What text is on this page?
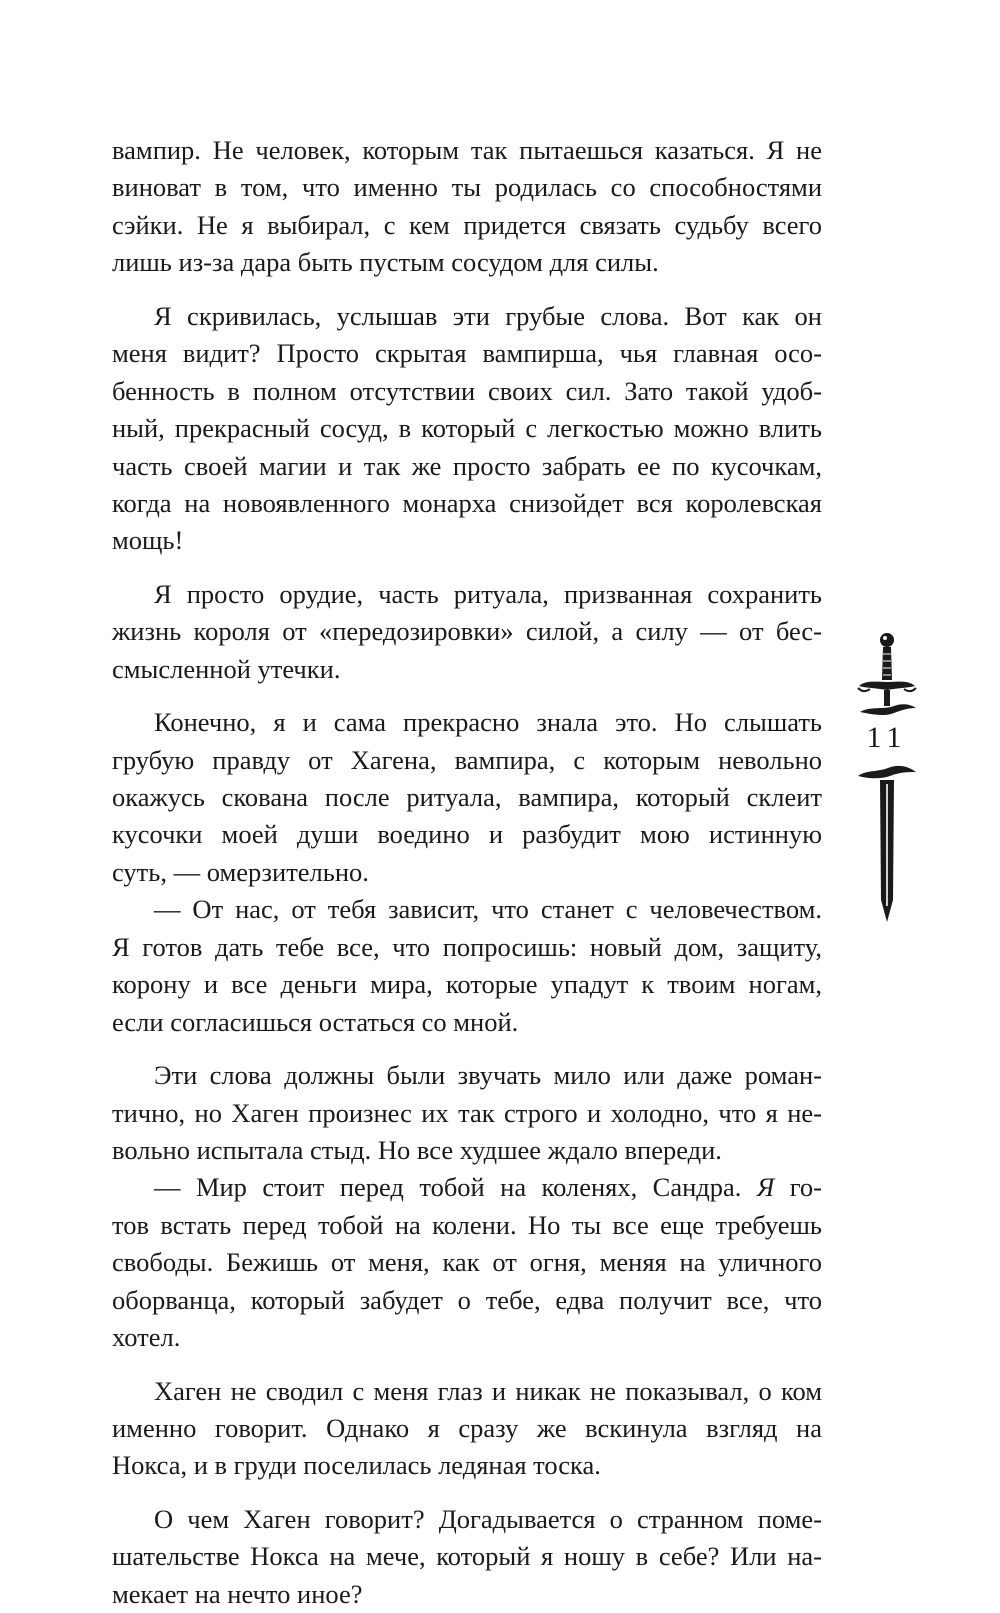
вампир. Не человек, которым так пытаешься казаться. Я не
виноват в том, что именно ты родилась со способностями
сэйки. Не я выбирал, с кем придется связать судьбу всего
лишь из-за дара быть пустым сосудом для силы.
Я скривилась, услышав эти грубые слова. Вот как он
меня видит? Просто скрытая вампирша, чья главная осо-
бенность в полном отсутствии своих сил. Зато такой удоб-
ный, прекрасный сосуд, в который с легкостью можно влить
часть своей магии и так же просто забрать ее по кусочкам,
когда на новоявленного монарха снизойдет вся королевская
мощь!
Я просто орудие, часть ритуала, призванная сохранить
жизнь короля от «передозировки» силой, а силу — от бес-
смысленной утечки.
Конечно, я и сама прекрасно знала это. Но слышать
грубую правду от Хагена, вампира, с которым невольно
окажусь скована после ритуала, вампира, который склеит
кусочки моей души воедино и разбудит мою истинную
суть, — омерзительно.
— От нас, от тебя зависит, что станет с человечеством.
Я готов дать тебе все, что попросишь: новый дом, защиту,
корону и все деньги мира, которые упадут к твоим ногам,
если согласишься остаться со мной.
Эти слова должны были звучать мило или даже роман-
тично, но Хаген произнес их так строго и холодно, что я не-
вольно испытала стыд. Но все худшее ждало впереди.
— Мир стоит перед тобой на коленях, Сандра. Я го-
тов встать перед тобой на колени. Но ты все еще требуешь
свободы. Бежишь от меня, как от огня, меняя на уличного
оборванца, который забудет о тебе, едва получит все, что
хотел.
Хаген не сводил с меня глаз и никак не показывал, о ком
именно говорит. Однако я сразу же вскинула взгляд на
Нокса, и в груди поселилась ледяная тоска.
О чем Хаген говорит? Догадывается о странном поме-
шательстве Нокса на мече, который я ношу в себе? Или на-
мекает на нечто иное?
11
